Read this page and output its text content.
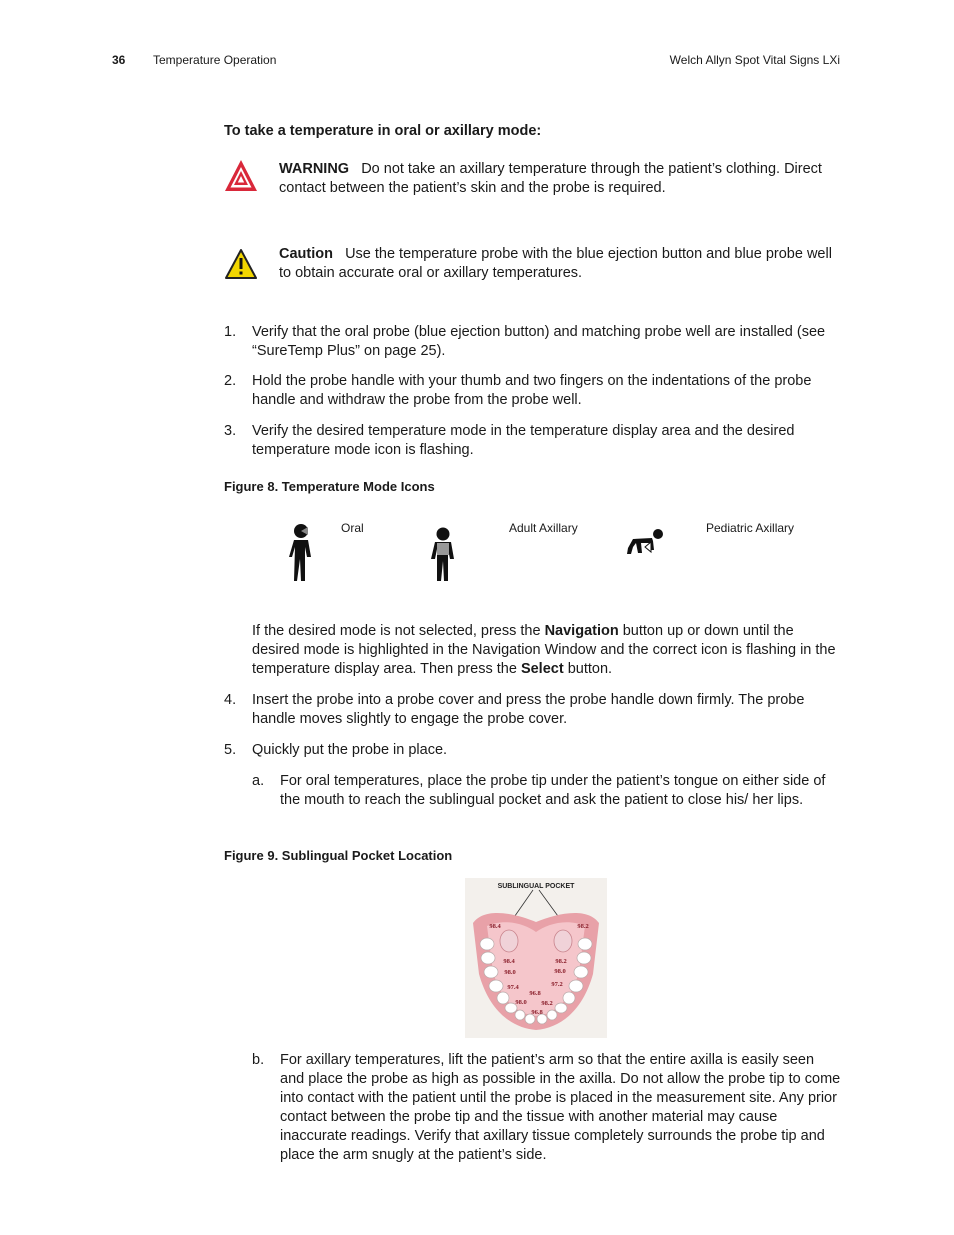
36 Temperature Operation	Welch Allyn Spot Vital Signs LXi
To take a temperature in oral or axillary mode:
WARNING Do not take an axillary temperature through the patient’s clothing. Direct contact between the patient’s skin and the probe is required.
Caution Use the temperature probe with the blue ejection button and blue probe well to obtain accurate oral or axillary temperatures.
1. Verify that the oral probe (blue ejection button) and matching probe well are installed (see “SureTemp Plus” on page 25).
2. Hold the probe handle with your thumb and two fingers on the indentations of the probe handle and withdraw the probe from the probe well.
3. Verify the desired temperature mode in the temperature display area and the desired temperature mode icon is flashing.
Figure 8. Temperature Mode Icons
Oral	Adult Axillary	Pediatric Axillary
If the desired mode is not selected, press the Navigation button up or down until the desired mode is highlighted in the Navigation Window and the correct icon is flashing in the temperature display area. Then press the Select button.
4. Insert the probe into a probe cover and press the probe handle down firmly. The probe handle moves slightly to engage the probe cover.
5. Quickly put the probe in place.
a. For oral temperatures, place the probe tip under the patient’s tongue on either side of the mouth to reach the sublingual pocket and ask the patient to close his/ her lips.
Figure 9. Sublingual Pocket Location
SUBLINGUAL POCKET
98.4	98.2
98.4	98.2
98.0	98.0
97.4	97.2
96.8
98.0 98.2
96.8
b. For axillary temperatures, lift the patient’s arm so that the entire axilla is easily seen and place the probe as high as possible in the axilla. Do not allow the probe tip to come into contact with the patient until the probe is placed in the measurement site. Any prior contact between the probe tip and the tissue with another material may cause inaccurate readings. Verify that axillary tissue completely surrounds the probe tip and place the arm snugly at the patient’s side.
